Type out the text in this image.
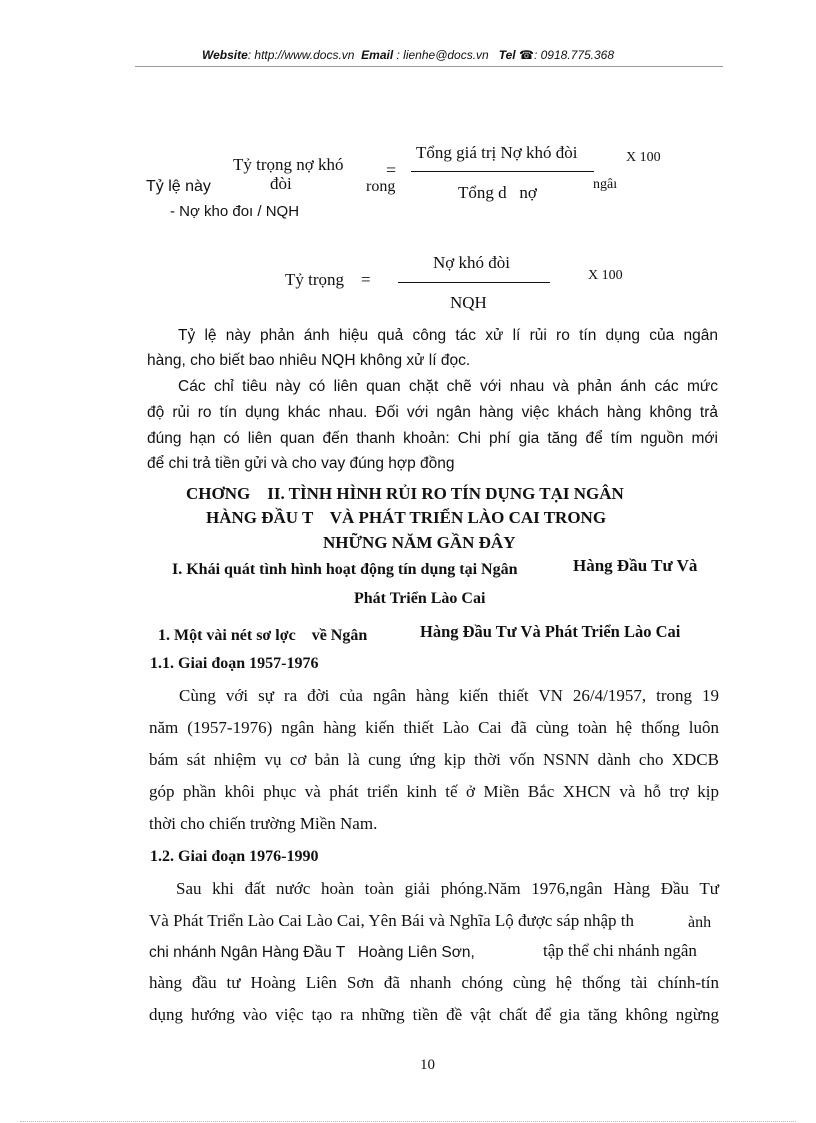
Website: http://www.docs.vn Email : lienhe@docs.vn Tel ☎: 0918.775.368
Tỷ lệ này	rong	ngâı
- Nợ kho đoı / NQH
Tỷ trọng nợ khó
đòi
=
Tổng giá trị Nợ khó đòi
Tổng d   nợ
X 100
Tỷ trọng =
Nợ khó đòi
NQH
X 100
Tỷ lệ này phản ánh hiệu quả công tác xử lí rủi ro tín dụng của ngân
hàng, cho biết bao nhiêu NQH không xử lí đọc.
Các chỉ tiêu này có liên quan chặt chẽ với nhau và phản ánh các mức
độ rủi ro tín dụng khác nhau. Đối với ngân hàng việc khách hàng không trả
đúng hạn có liên quan đến thanh khoản: Chi phí gia tăng để tím nguồn mới
để chi trả tiền gửi và cho vay đúng hợp đồng
CHƠNG    II. TÌNH HÌNH RỦI RO TÍN DỤNG TẠI NGÂN
HÀNG ĐẦU T    VÀ PHÁT TRIỂN LÀO CAI TRONG
NHỮNG NĂM GẦN ĐÂY
I. Khái quát tình hình hoạt động tín dụng tại Ngân	Hàng Đầu Tư Và
Phát Triển Lào Cai
1. Một vài nét sơ lợc    về Ngân	Hàng Đầu Tư Và Phát Triển Lào Cai
1.1. Giai đoạn 1957-1976
Cùng với sự ra đời của ngân hàng kiến thiết VN 26/4/1957, trong 19
năm (1957-1976) ngân hàng kiến thiết Lào Cai đã cùng toàn hệ thống luôn
bám sát nhiệm vụ cơ bản là cung ứng kịp thời vốn NSNN dành cho XDCB
góp phần khôi phục và phát triển kinh tế ở Miền Bắc XHCN và hỗ trợ kịp
thời cho chiến trường Miền Nam.
1.2. Giai đoạn 1976-1990
Sau khi đất nước hoàn toàn giải phóng.Năm 1976,ngân Hàng Đầu Tư
Và Phát Triển Lào Cai Lào Cai, Yên Bái và Nghĩa Lộ được sáp nhập th	ành
chi nhánh Ngân Hàng Đầu T   Hoàng Liên Sơn,	tập thể chi nhánh ngân
hàng đầu tư Hoàng Liên Sơn đã nhanh chóng cùng hệ thống tài chính-tín
dụng hướng vào việc tạo ra những tiền đề vật chất để gia tăng không ngừng
10
